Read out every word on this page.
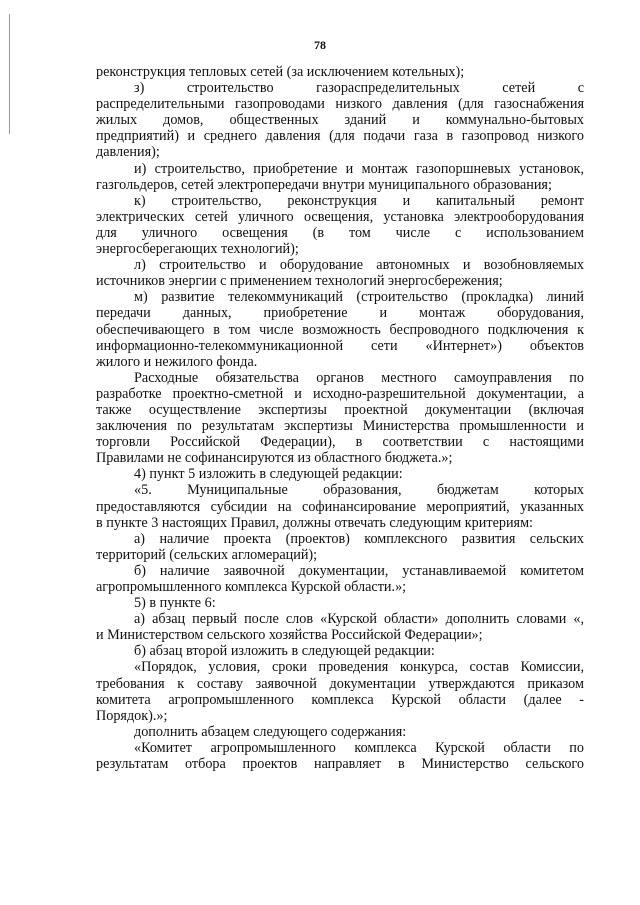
78

реконструкция тепловых сетей (за исключением котельных);

з) строительство газораспределительных сетей с

распределительными газопроводами низкого давления (для газоснабжения

жилых домов, общественных зданий и коммунально-бытовых

предприятий) и среднего давления (для подачи газа в газопровод низкого

давления);

и) строительство, приобретение и монтаж газопоршневых установок,

газгольдеров, сетей электропередачи внутри муниципального образования;

к) строительство, реконструкция и капитальный ремонт

электрических сетей уличного освещения, установка электрооборудования

для уличного освещения (в том числе с использованием

энергосберегающих технологий);

л) строительство и оборудование автономных и возобновляемых

источников энергии с применением технологий энергосбережения;

м) развитие телекоммуникаций (строительство (прокладка) линий

передачи данных, приобретение и монтаж оборудования,

обеспечивающего в том числе возможность беспроводного подключения к

информационно-телекоммуникационной сети «Интернет») объектов

жилого и нежилого фонда.

Расходные обязательства органов местного самоуправления по

разработке проектно-сметной и исходно-разрешительной документации, а

также осуществление экспертизы проектной документации (включая

заключения по результатам экспертизы Министерства промышленности и

торговли Российской Федерации), в соответствии с настоящими

Правилами не софинансируются из областного бюджета.»;

4) пункт 5 изложить в следующей редакции:

«5. Муниципальные образования, бюджетам которых

предоставляются субсидии на софинансирование мероприятий, указанных

в пункте 3 настоящих Правил, должны отвечать следующим критериям:

а) наличие проекта (проектов) комплексного развития сельских

территорий (сельских агломераций);

б) наличие заявочной документации, устанавливаемой комитетом

агропромышленного комплекса Курской области.»;

5) в пункте 6:

а) абзац первый после слов «Курской области» дополнить словами «,

и Министерством сельского хозяйства Российской Федерации»;

б) абзац второй изложить в следующей редакции:

«Порядок, условия, сроки проведения конкурса, состав Комиссии,

требования к составу заявочной документации утверждаются приказом

комитета агропромышленного комплекса Курской области (далее -

Порядок).»;

дополнить абзацем следующего содержания:

«Комитет агропромышленного комплекса Курской области по

результатам отбора проектов направляет в Министерство сельского
